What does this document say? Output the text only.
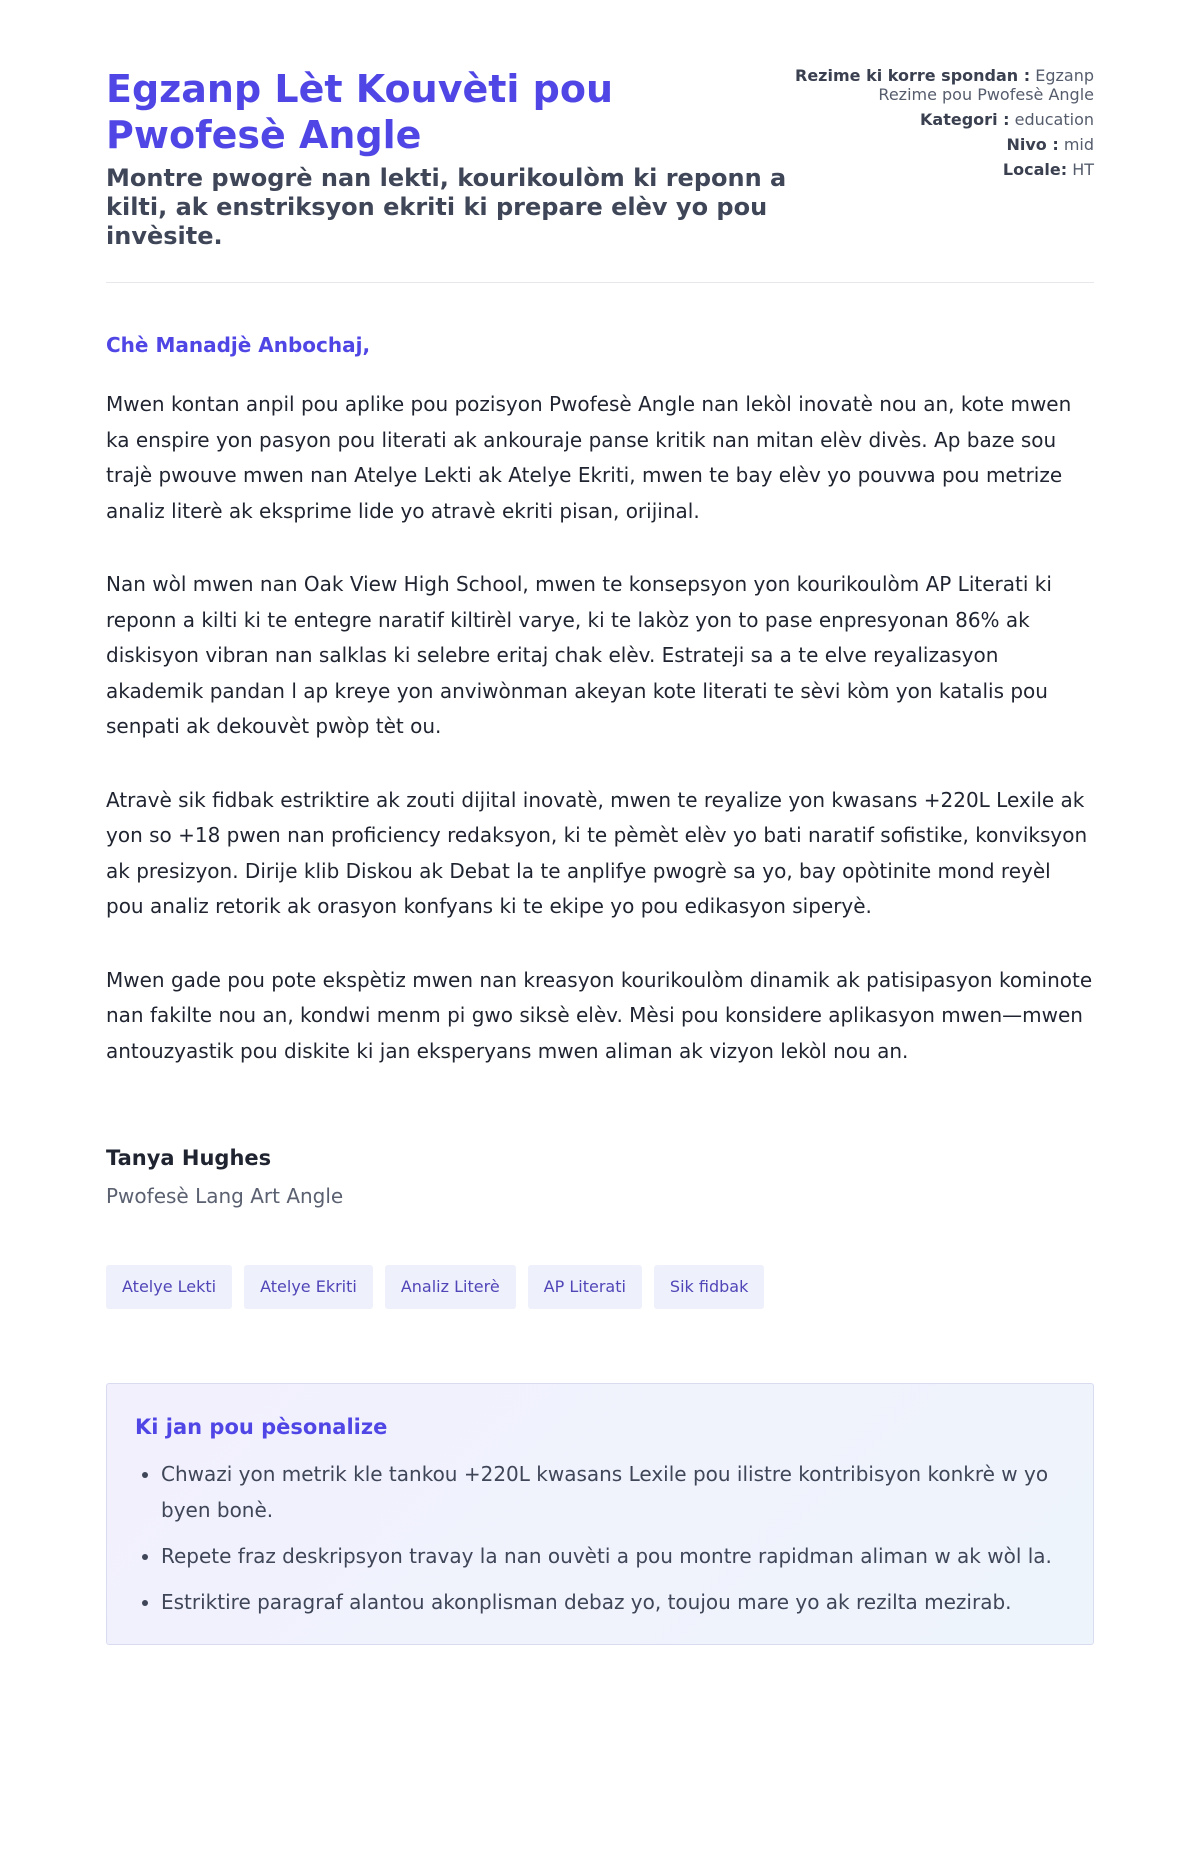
Egzanp Lèt Kouvèti pou Pwofesè Angle
Montre pwogrè nan lekti, kourikoulòm ki reponn a kilti, ak enstriksyon ekriti ki prepare elèv yo pou invèsite.
Rezime ki korre spondan : Egzanp Rezime pou Pwofesè Angle
Kategori : education
Nivo : mid
Locale: HT
Chè Manadjè Anbochaj,

Mwen kontan anpil pou aplike pou pozisyon Pwofesè Angle nan lekòl inovatè nou an, kote mwen ka enspire yon pasyon pou literati ak ankouraje panse kritik nan mitan elèv divès. Ap baze sou trajè pwouve mwen nan Atelye Lekti ak Atelye Ekriti, mwen te bay elèv yo pouvwa pou metrize analiz literè ak eksprime lide yo atravè ekriti pisan, orijinal.

Nan wòl mwen nan Oak View High School, mwen te konsepsyon yon kourikoulòm AP Literati ki reponn a kilti ki te entegre naratif kiltirèl varye, ki te lakòz yon to pase enpresyonan 86% ak diskisyon vibran nan salklas ki selebre eritaj chak elèv. Estrateji sa a te elve reyalizasyon akademik pandan l ap kreye yon anviwònman akeyan kote literati te sèvi kòm yon katalis pou senpati ak dekouvèt pwòp tèt ou.

Atravè sik fidbak estriktire ak zouti dijital inovatè, mwen te reyalize yon kwasans +220L Lexile ak yon so +18 pwen nan proficiency redaksyon, ki te pèmèt elèv yo bati naratif sofistike, konviksyon ak presizyon. Dirije klib Diskou ak Debat la te anplifye pwogrè sa yo, bay opòtinite mond reyèl pou analiz retorik ak orasyon konfyans ki te ekipe yo pou edikasyon siperyè.

Mwen gade pou pote ekspètiz mwen nan kreasyon kourikoulòm dinamik ak patisipasyon kominote nan fakilte nou an, kondwi menm pi gwo siksè elèv. Mèsi pou konsidere aplikasyon mwen—mwen antouzyastik pou diskite ki jan eksperyans mwen aliman ak vizyon lekòl nou an.

Tanya Hughes
Pwofesè Lang Art Angle
Atelye Lekti	Atelye Ekriti	Analiz Literè	AP Literati	Sik fidbak
Ki jan pou pèsonalize
• Chwazi yon metrik kle tankou +220L kwasans Lexile pou ilistre kontribisyon konkrè w yo byen bonè.
• Repete fraz deskripsyon travay la nan ouvèti a pou montre rapidman aliman w ak wòl la.
• Estriktire paragraf alantou akonplisman debaz yo, toujou mare yo ak rezilta mezirab.
